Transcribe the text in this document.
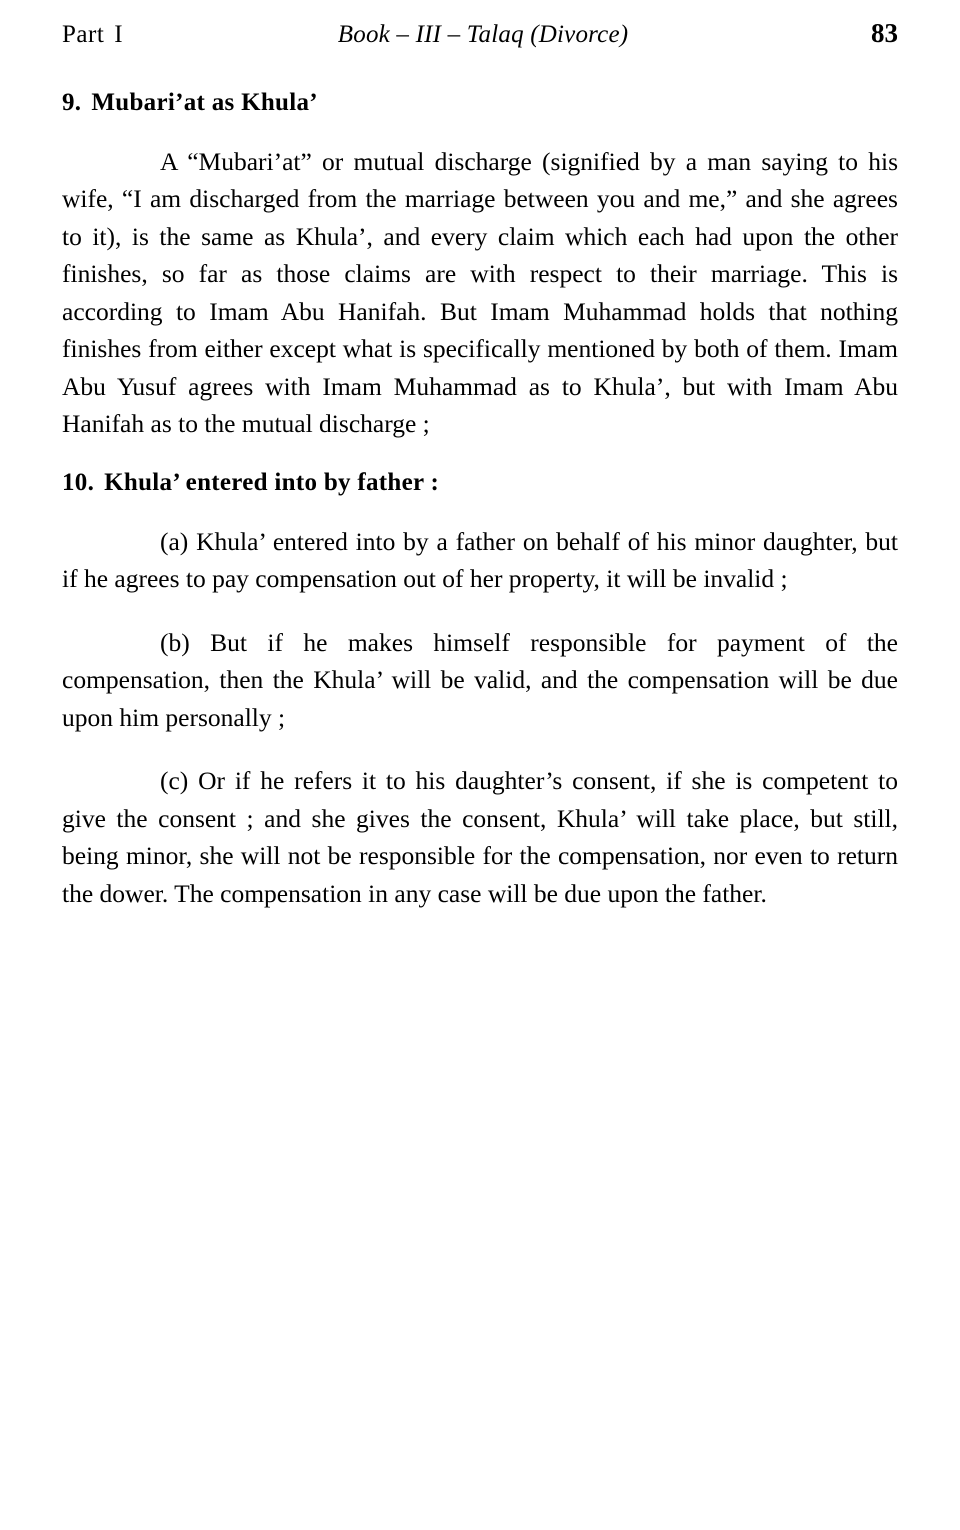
Part I	Book – III – Talaq (Divorce)	83
9. Mubari’at as Khula’

A “Mubari’at” or mutual discharge (signified by a man saying to his wife, “I am discharged from the marriage between you and me,” and she agrees to it), is the same as Khula’, and every claim which each had upon the other finishes, so far as those claims are with respect to their marriage. This is according to Imam Abu Hanifah. But Imam Muhammad holds that nothing finishes from either except what is specifically mentioned by both of them. Imam Abu Yusuf agrees with Imam Muhammad as to Khula’, but with Imam Abu Hanifah as to the mutual discharge ;

10. Khula’ entered into by father :

(a) Khula’ entered into by a father on behalf of his minor daughter, but if he agrees to pay compensation out of her property, it will be invalid ;

(b) But if he makes himself responsible for payment of the compensation, then the Khula’ will be valid, and the compensation will be due upon him personally ;

(c) Or if he refers it to his daughter’s consent, if she is competent to give the consent ; and she gives the consent, Khula’ will take place, but still, being minor, she will not be responsible for the compensation, nor even to return the dower. The compensation in any case will be due upon the father.
